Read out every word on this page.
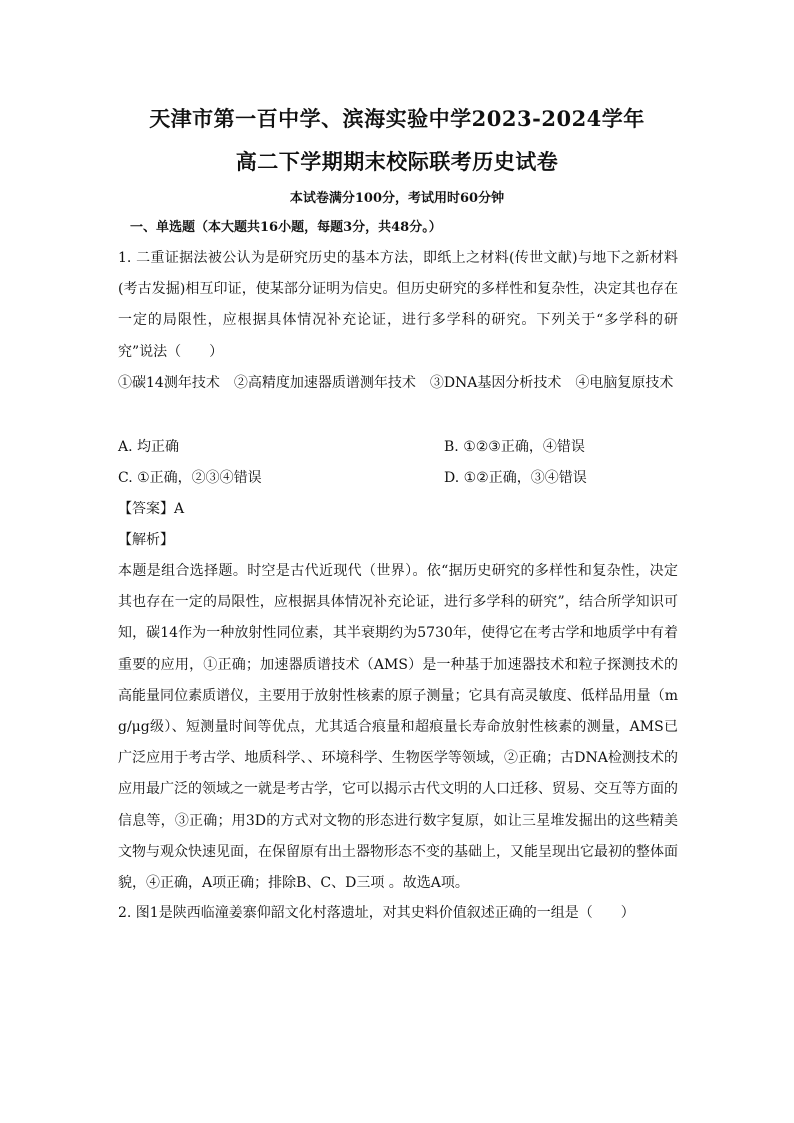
天津市第一百中学、滨海实验中学2023-2024学年
高二下学期期末校际联考历史试卷
本试卷满分100分，考试用时60分钟
一、单选题（本大题共16小题，每题3分，共48分。）
1. 二重证据法被公认为是研究历史的基本方法，即纸上之材料(传世文献)与地下之新材料(考古发掘)相互印证，使某部分证明为信史。但历史研究的多样性和复杂性，决定其也存在一定的局限性，应根据具体情况补充论证，进行多学科的研究。下列关于“多学科的研究”说法（　　）
①碳14测年技术　②高精度加速器质谱测年技术　③DNA基因分析技术　④电脑复原技术
A. 均正确	B. ①②③正确，④错误
C. ①正确，②③④错误	D. ①②正确，③④错误
【答案】A
【解析】
本题是组合选择题。时空是古代近现代（世界）。依“据历史研究的多样性和复杂性，决定其也存在一定的局限性，应根据具体情况补充论证，进行多学科的研究”，结合所学知识可知，碳14作为一种放射性同位素，其半衰期约为5730年，使得它在考古学和地质学中有着重要的应用，①正确；加速器质谱技术（AMS）是一种基于加速器技术和粒子探测技术的高能量同位素质谱仪，主要用于放射性核素的原子测量；它具有高灵敏度、低样品用量（mg/μg级）、短测量时间等优点，尤其适合痕量和超痕量长寿命放射性核素的测量，AMS已广泛应用于考古学、地质科学、、环境科学、生物医学等领域，②正确；古DNA检测技术的应用最广泛的领域之一就是考古学，它可以揭示古代文明的人口迁移、贸易、交互等方面的信息等，③正确；用3D的方式对文物的形态进行数字复原，如让三星堆发掘出的这些精美文物与观众快速见面，在保留原有出土器物形态不变的基础上，又能呈现出它最初的整体面貌，④正确，A项正确；排除B、C、D三项 。故选A项。
2. 图1是陕西临潼姜寨仰韶文化村落遗址，对其史料价值叙述正确的一组是（　　）
